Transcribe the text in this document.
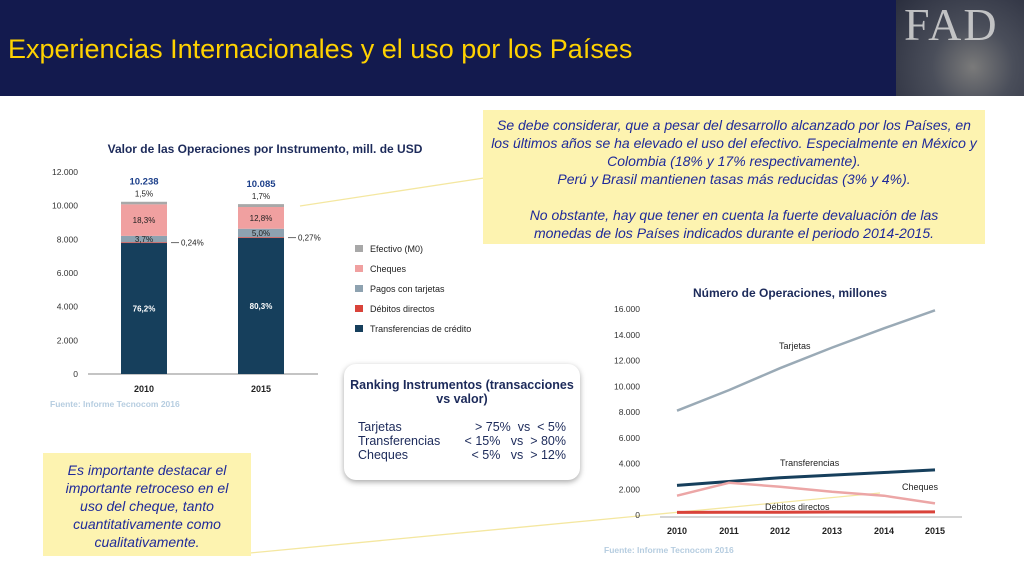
Experiencias Internacionales y el uso por los Países	FAD

Se debe considerar, que a pesar del desarrollo alcanzado por los Países, en los últimos años se ha elevado el uso del efectivo. Especialmente en México y Colombia (18% y 17% respectivamente).

Perú y Brasil mantienen tasas más reducidas (3% y 4%).

No obstante, hay que tener en cuenta la fuerte devaluación de las monedas de los Países indicados durante el periodo 2014-2015.

Es importante destacar el importante retroceso en el uso del cheque, tanto cuantitativamente como cualitativamente.

Valor de las Operaciones por Instrumento, mill. de USD
Fuente: Informe Tecnocom 2016
0
2.000
4.000
6.000
8.000
10.000
12.000
2010
10.238
76,2%
3,7%
18,3%
1,5%
0,24%
2015
10.085
80,3%
5,0%
12,8%
1,7%
0,27%
Efectivo (M0)
Cheques
Pagos con tarjetas
Débitos directos
Transferencias de crédito
Ranking Instrumentos (transacciones vs valor)
Tarjetas	> 75%  vs  < 5%
Transferencias < 15%   vs  > 80%
Cheques	< 5%   vs  > 12%
Número de Operaciones, millones
Fuente: Informe Tecnocom 2016
0
2.000
4.000
6.000
8.000
10.000
12.000
14.000
16.000
2010	2011	2012	2013	2014	2015
Tarjetas
Transferencias
Cheques
Débitos directos
